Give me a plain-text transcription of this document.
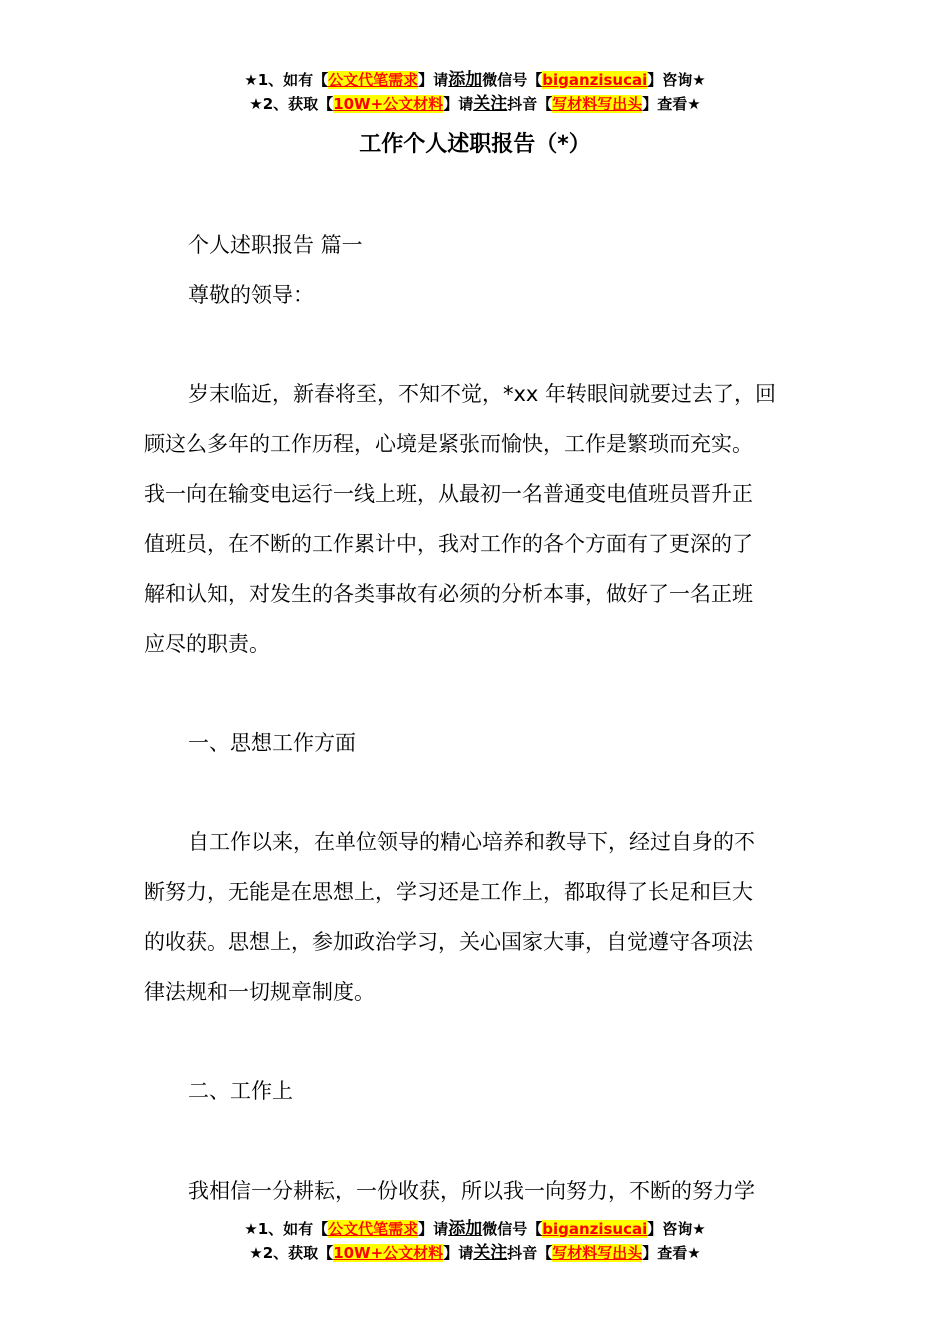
★1、如有【公文代笔需求】请添加微信号【biganzisucai】咨询★
★2、获取【10W+公文材料】请关注抖音【写材料写出头】查看★
工作个人述职报告（*）
个人述职报告 篇一
尊敬的领导：
岁末临近，新春将至，不知不觉，*xx 年转眼间就要过去了，回
顾这么多年的工作历程，心境是紧张而愉快，工作是繁琐而充实。
我一向在输变电运行一线上班，从最初一名普通变电值班员晋升正
值班员，在不断的工作累计中，我对工作的各个方面有了更深的了
解和认知，对发生的各类事故有必须的分析本事，做好了一名正班
应尽的职责。
一、思想工作方面
自工作以来，在单位领导的精心培养和教导下，经过自身的不
断努力，无能是在思想上，学习还是工作上，都取得了长足和巨大
的收获。思想上，参加政治学习，关心国家大事，自觉遵守各项法
律法规和一切规章制度。
二、工作上
我相信一分耕耘，一份收获，所以我一向努力，不断的努力学
★1、如有【公文代笔需求】请添加微信号【biganzisucai】咨询★
★2、获取【10W+公文材料】请关注抖音【写材料写出头】查看★
